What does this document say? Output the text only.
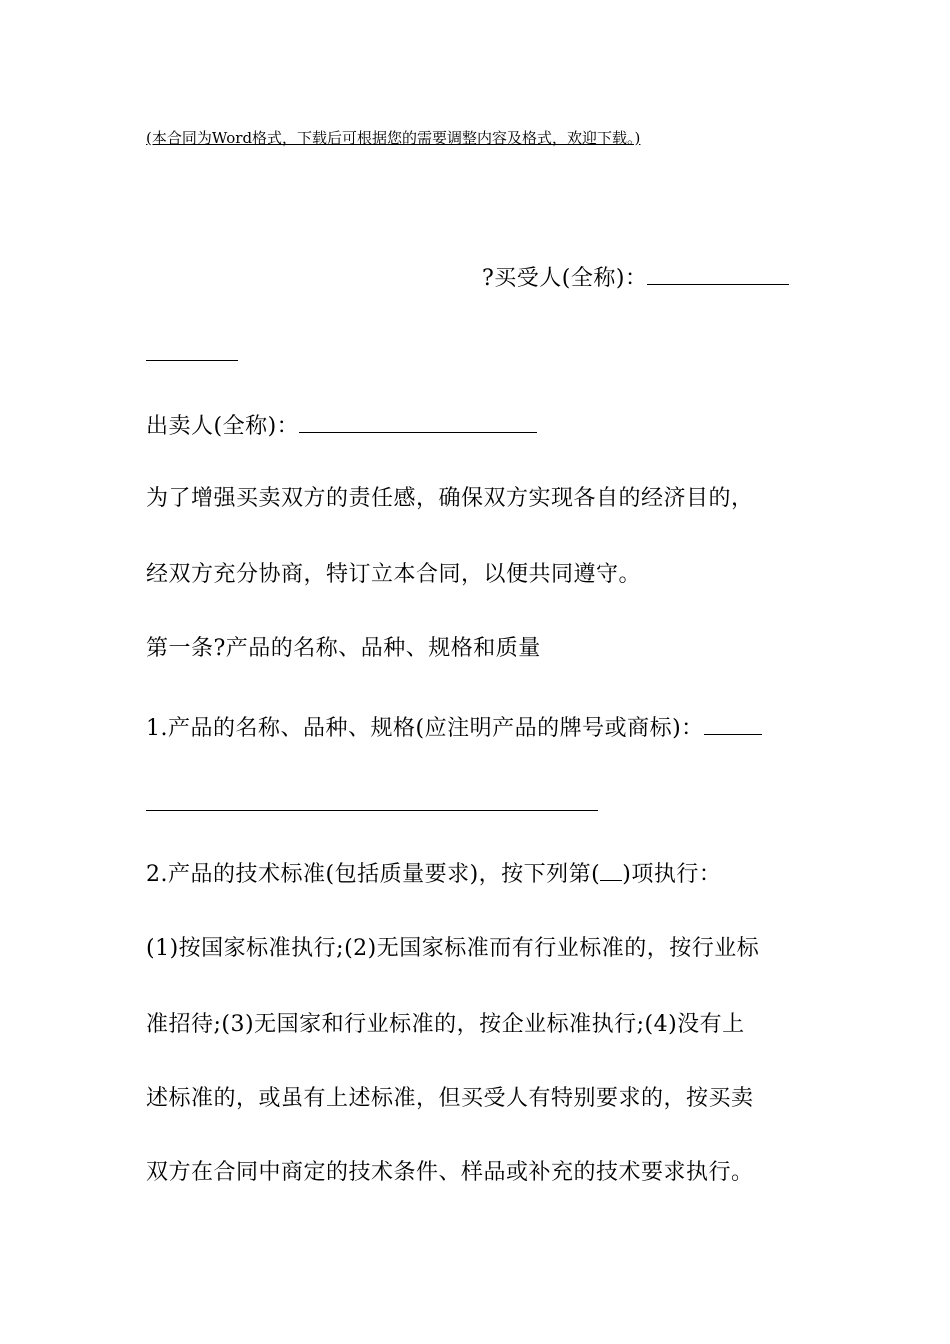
(本合同为Word格式，下载后可根据您的需要调整内容及格式，欢迎下载。)
?买受人(全称)：
出卖人(全称)：
为了增强买卖双方的责任感，确保双方实现各自的经济目的，
经双方充分协商，特订立本合同，以便共同遵守。
第一条?产品的名称、品种、规格和质量
1.产品的名称、品种、规格(应注明产品的牌号或商标)：
2.产品的技术标准(包括质量要求)，按下列第( )项执行：
(1)按国家标准执行;(2)无国家标准而有行业标准的，按行业标
准招待;(3)无国家和行业标准的，按企业标准执行;(4)没有上
述标准的，或虽有上述标准，但买受人有特别要求的，按买卖
双方在合同中商定的技术条件、样品或补充的技术要求执行。
